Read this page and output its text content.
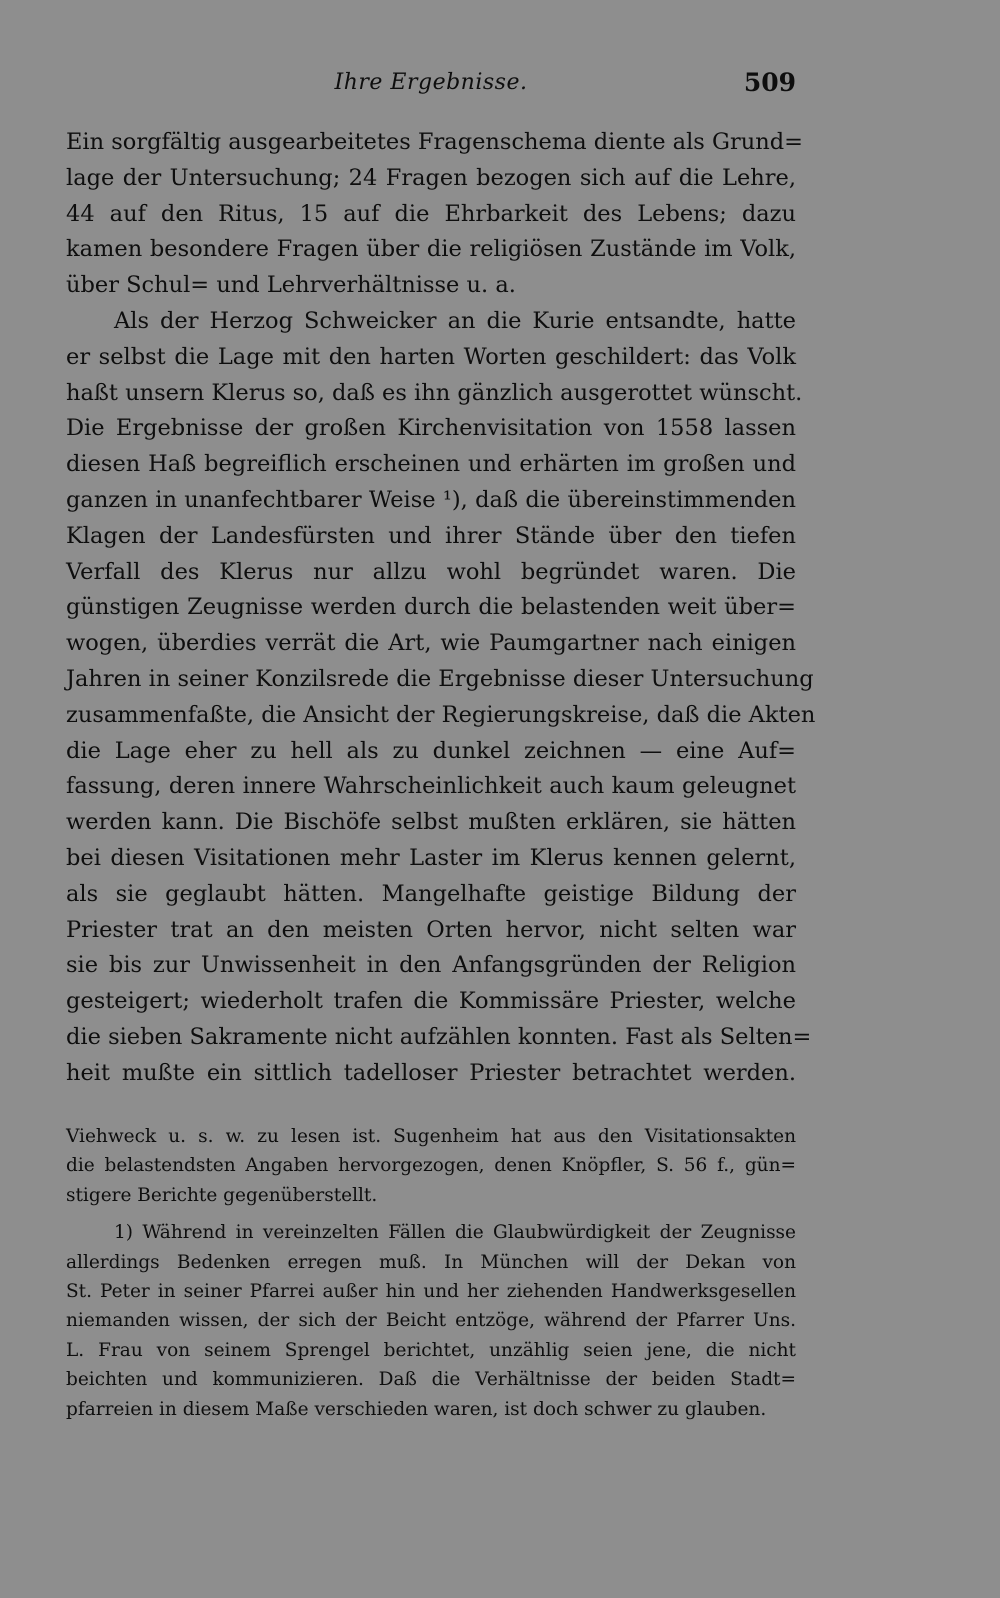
Ihre Ergebnisse.	509
Ein sorgfältig ausgearbeitetes Fragenschema diente als Grund=
lage der Untersuchung; 24 Fragen bezogen sich auf die Lehre,
44 auf den Ritus, 15 auf die Ehrbarkeit des Lebens; dazu
kamen besondere Fragen über die religiösen Zustände im Volk,
über Schul= und Lehrverhältnisse u. a.
Als der Herzog Schweicker an die Kurie entsandte, hatte
er selbst die Lage mit den harten Worten geschildert: das Volk
haßt unsern Klerus so, daß es ihn gänzlich ausgerottet wünscht.
Die Ergebnisse der großen Kirchenvisitation von 1558 lassen
diesen Haß begreiflich erscheinen und erhärten im großen und
ganzen in unanfechtbarer Weise ¹), daß die übereinstimmenden
Klagen der Landesfürsten und ihrer Stände über den tiefen
Verfall des Klerus nur allzu wohl begründet waren. Die
günstigen Zeugnisse werden durch die belastenden weit über=
wogen, überdies verrät die Art, wie Paumgartner nach einigen
Jahren in seiner Konzilsrede die Ergebnisse dieser Untersuchung
zusammenfaßte, die Ansicht der Regierungskreise, daß die Akten
die Lage eher zu hell als zu dunkel zeichnen — eine Auf=
fassung, deren innere Wahrscheinlichkeit auch kaum geleugnet
werden kann. Die Bischöfe selbst mußten erklären, sie hätten
bei diesen Visitationen mehr Laster im Klerus kennen gelernt,
als sie geglaubt hätten. Mangelhafte geistige Bildung der
Priester trat an den meisten Orten hervor, nicht selten war
sie bis zur Unwissenheit in den Anfangsgründen der Religion
gesteigert; wiederholt trafen die Kommissäre Priester, welche
die sieben Sakramente nicht aufzählen konnten. Fast als Selten=
heit mußte ein sittlich tadelloser Priester betrachtet werden.
Viehweck u. s. w. zu lesen ist. Sugenheim hat aus den Visitationsakten
die belastendsten Angaben hervorgezogen, denen Knöpfler, S. 56 f., gün=
stigere Berichte gegenüberstellt.
1) Während in vereinzelten Fällen die Glaubwürdigkeit der Zeugnisse
allerdings Bedenken erregen muß. In München will der Dekan von
St. Peter in seiner Pfarrei außer hin und her ziehenden Handwerksgesellen
niemanden wissen, der sich der Beicht entzöge, während der Pfarrer Uns.
L. Frau von seinem Sprengel berichtet, unzählig seien jene, die nicht
beichten und kommunizieren. Daß die Verhältnisse der beiden Stadt=
pfarreien in diesem Maße verschieden waren, ist doch schwer zu glauben.
